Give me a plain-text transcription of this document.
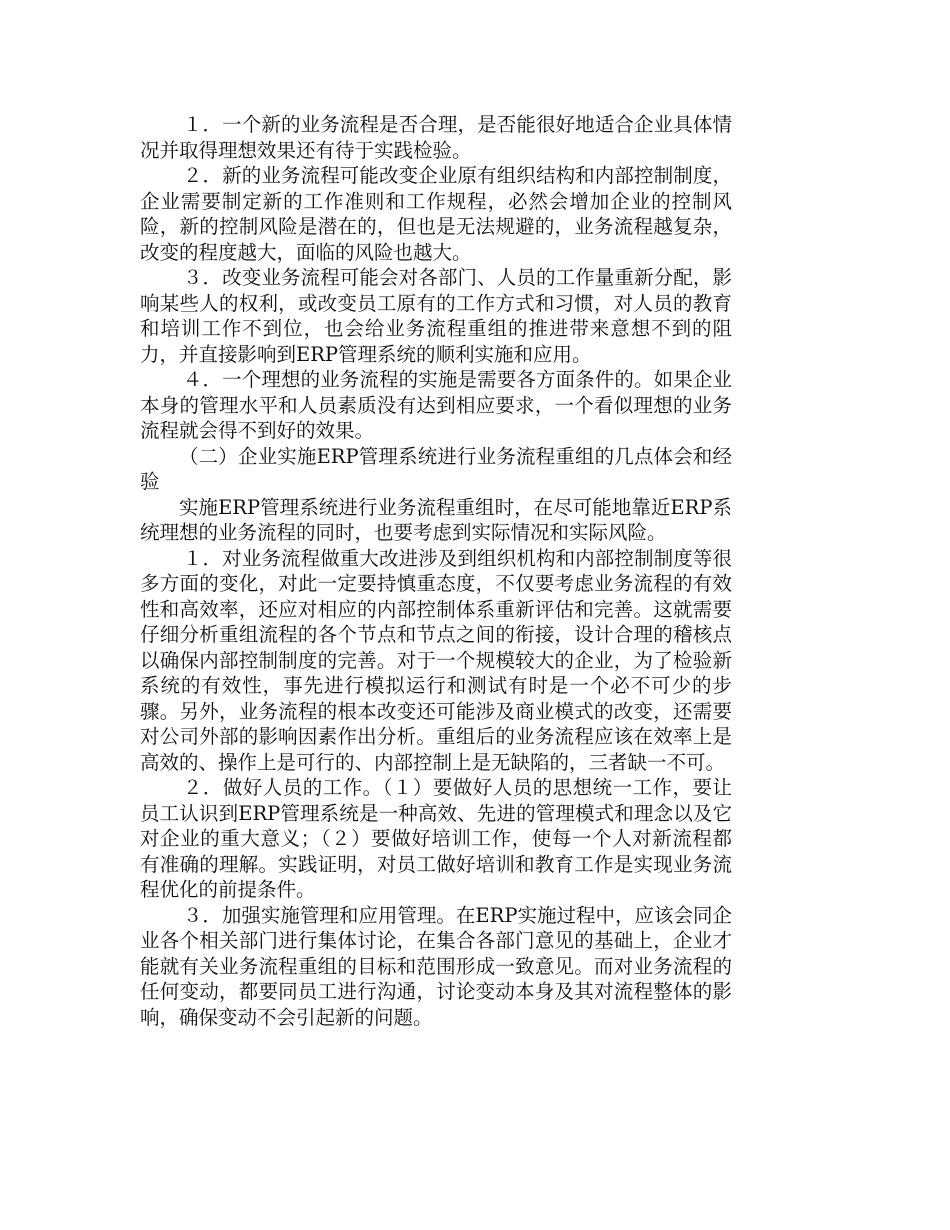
１．一个新的业务流程是否合理，是否能很好地适合企业具体情况并取得理想效果还有待于实践检验。

２．新的业务流程可能改变企业原有组织结构和内部控制制度，企业需要制定新的工作准则和工作规程，必然会增加企业的控制风险，新的控制风险是潜在的，但也是无法规避的，业务流程越复杂，改变的程度越大，面临的风险也越大。

３．改变业务流程可能会对各部门、人员的工作量重新分配，影响某些人的权利，或改变员工原有的工作方式和习惯，对人员的教育和培训工作不到位，也会给业务流程重组的推进带来意想不到的阻力，并直接影响到ERP管理系统的顺利实施和应用。

４．一个理想的业务流程的实施是需要各方面条件的。如果企业本身的管理水平和人员素质没有达到相应要求，一个看似理想的业务流程就会得不到好的效果。

（二）企业实施ERP管理系统进行业务流程重组的几点体会和经验

实施ERP管理系统进行业务流程重组时，在尽可能地靠近ERP系统理想的业务流程的同时，也要考虑到实际情况和实际风险。

１．对业务流程做重大改进涉及到组织机构和内部控制制度等很多方面的变化，对此一定要持慎重态度，不仅要考虑业务流程的有效性和高效率，还应对相应的内部控制体系重新评估和完善。这就需要仔细分析重组流程的各个节点和节点之间的衔接，设计合理的稽核点以确保内部控制制度的完善。对于一个规模较大的企业，为了检验新系统的有效性，事先进行模拟运行和测试有时是一个必不可少的步骤。另外，业务流程的根本改变还可能涉及商业模式的改变，还需要对公司外部的影响因素作出分析。重组后的业务流程应该在效率上是高效的、操作上是可行的、内部控制上是无缺陷的，三者缺一不可。

２．做好人员的工作。（１）要做好人员的思想统一工作，要让员工认识到ERP管理系统是一种高效、先进的管理模式和理念以及它对企业的重大意义；（２）要做好培训工作，使每一个人对新流程都有准确的理解。实践证明，对员工做好培训和教育工作是实现业务流程优化的前提条件。

３．加强实施管理和应用管理。在ERP实施过程中，应该会同企业各个相关部门进行集体讨论，在集合各部门意见的基础上，企业才能就有关业务流程重组的目标和范围形成一致意见。而对业务流程的任何变动，都要同员工进行沟通，讨论变动本身及其对流程整体的影响，确保变动不会引起新的问题。
